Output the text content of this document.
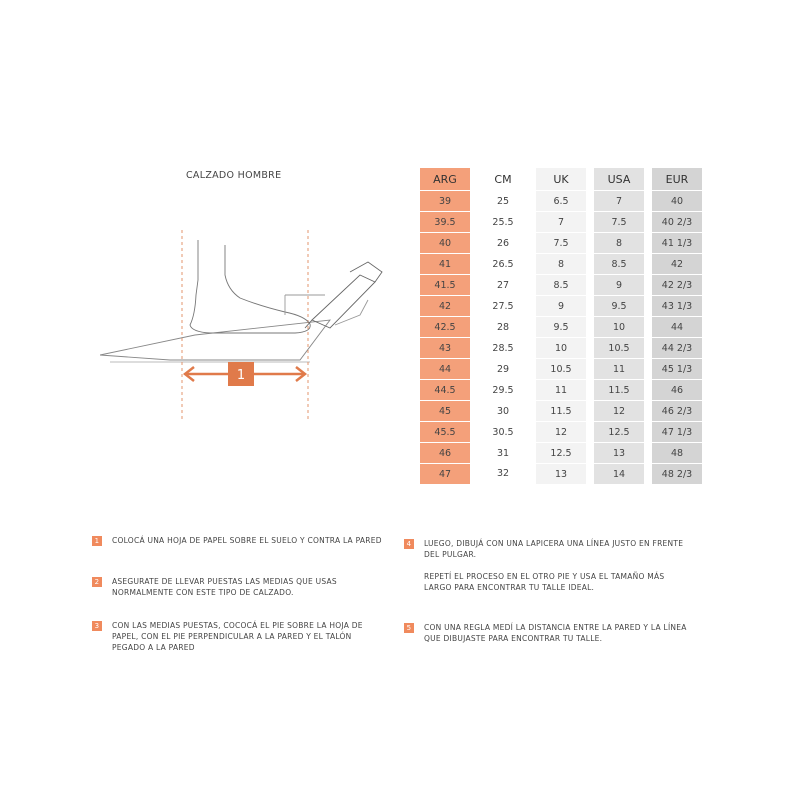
CALZADO HOMBRE
1
ARG		CM		UK		USA		EUR
39		25		6.5		7		40
39.5		25.5		7		7.5		40 2/3
40		26		7.5		8		41 1/3
41		26.5		8		8.5		42
41.5		27		8.5		9		42 2/3
42		27.5		9		9.5		43 1/3
42.5		28		9.5		10		44
43		28.5		10		10.5		44 2/3
44		29		10.5		11		45 1/3
44.5		29.5		11		11.5		46
45		30		11.5		12		46 2/3
45.5		30.5		12		12.5		47 1/3
46		31		12.5		13		48
47		32		13		14		48 2/3
1	COLOCÁ UNA HOJA DE PAPEL SOBRE EL SUELO Y CONTRA LA PARED

2	ASEGURATE DE LLEVAR PUESTAS LAS MEDIAS QUE USAS NORMALMENTE CON ESTE TIPO DE CALZADO.

3	CON LAS MEDIAS PUESTAS, COCOCÁ EL PIE SOBRE LA HOJA DE PAPEL, CON EL PIE PERPENDICULAR A LA PARED Y EL TALÓN PEGADO A LA PARED

4	LUEGO, DIBUJÁ CON UNA LAPICERA UNA LÍNEA JUSTO EN FRENTE DEL PULGAR.

REPETÍ EL PROCESO EN EL OTRO PIE Y USA EL TAMAÑO MÁS LARGO PARA ENCONTRAR TU TALLE IDEAL.

5	CON UNA REGLA MEDÍ LA DISTANCIA ENTRE LA PARED Y LA LÍNEA QUE DIBUJASTE PARA ENCONTRAR TU TALLE.
